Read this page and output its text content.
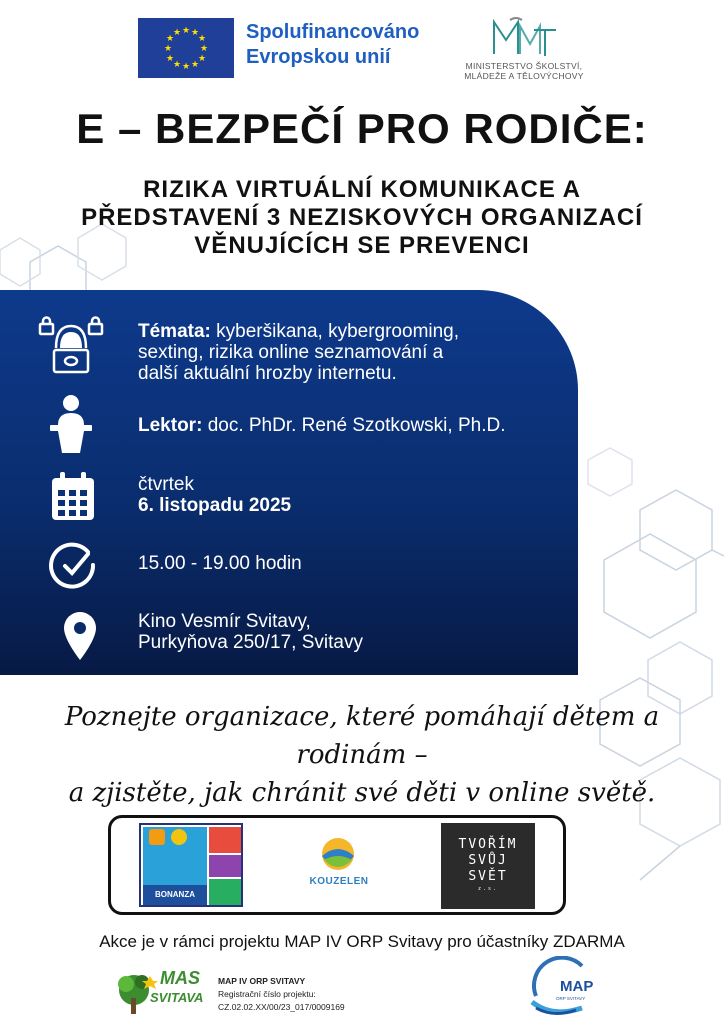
★ ★
★
★
★
★
★
★
★
★
★
★	Spolufinancováno
Evropskou unií	MINISTERSTVO ŠKOLSTVÍ,
MLÁDEŽE A TĚLOVÝCHOVY
E – BEZPEČÍ PRO RODIČE:
RIZIKA VIRTUÁLNÍ KOMUNIKACE A
PŘEDSTAVENÍ 3 NEZISKOVÝCH ORGANIZACÍ
VĚNUJÍCÍCH SE PREVENCI
Témata: kyberšikana, kybergrooming,
sexting, rizika online seznamování a
další aktuální hrozby internetu.
Lektor: doc. PhDr. René Szotkowski, Ph.D.
čtvrtek
6. listopadu 2025
15.00 - 19.00 hodin
Kino Vesmír Svitavy,
Purkyňova 250/17, Svitavy
Poznejte organizace, které pomáhají dětem a rodinám –
a zjistěte, jak chránit své děti v online světě.
BONANZA
KOUZELEN
TVOŘÍM
SVŮJ
SVĚT
z.s.
Akce je v rámci projektu MAP IV ORP Svitavy pro účastníky ZDARMA
MAS
SVITAVA
MAP IV ORP SVITAVY
Registrační číslo projektu:
CZ.02.02.XX/00/23_017/0009169
MAP
ORP SVITAVY
